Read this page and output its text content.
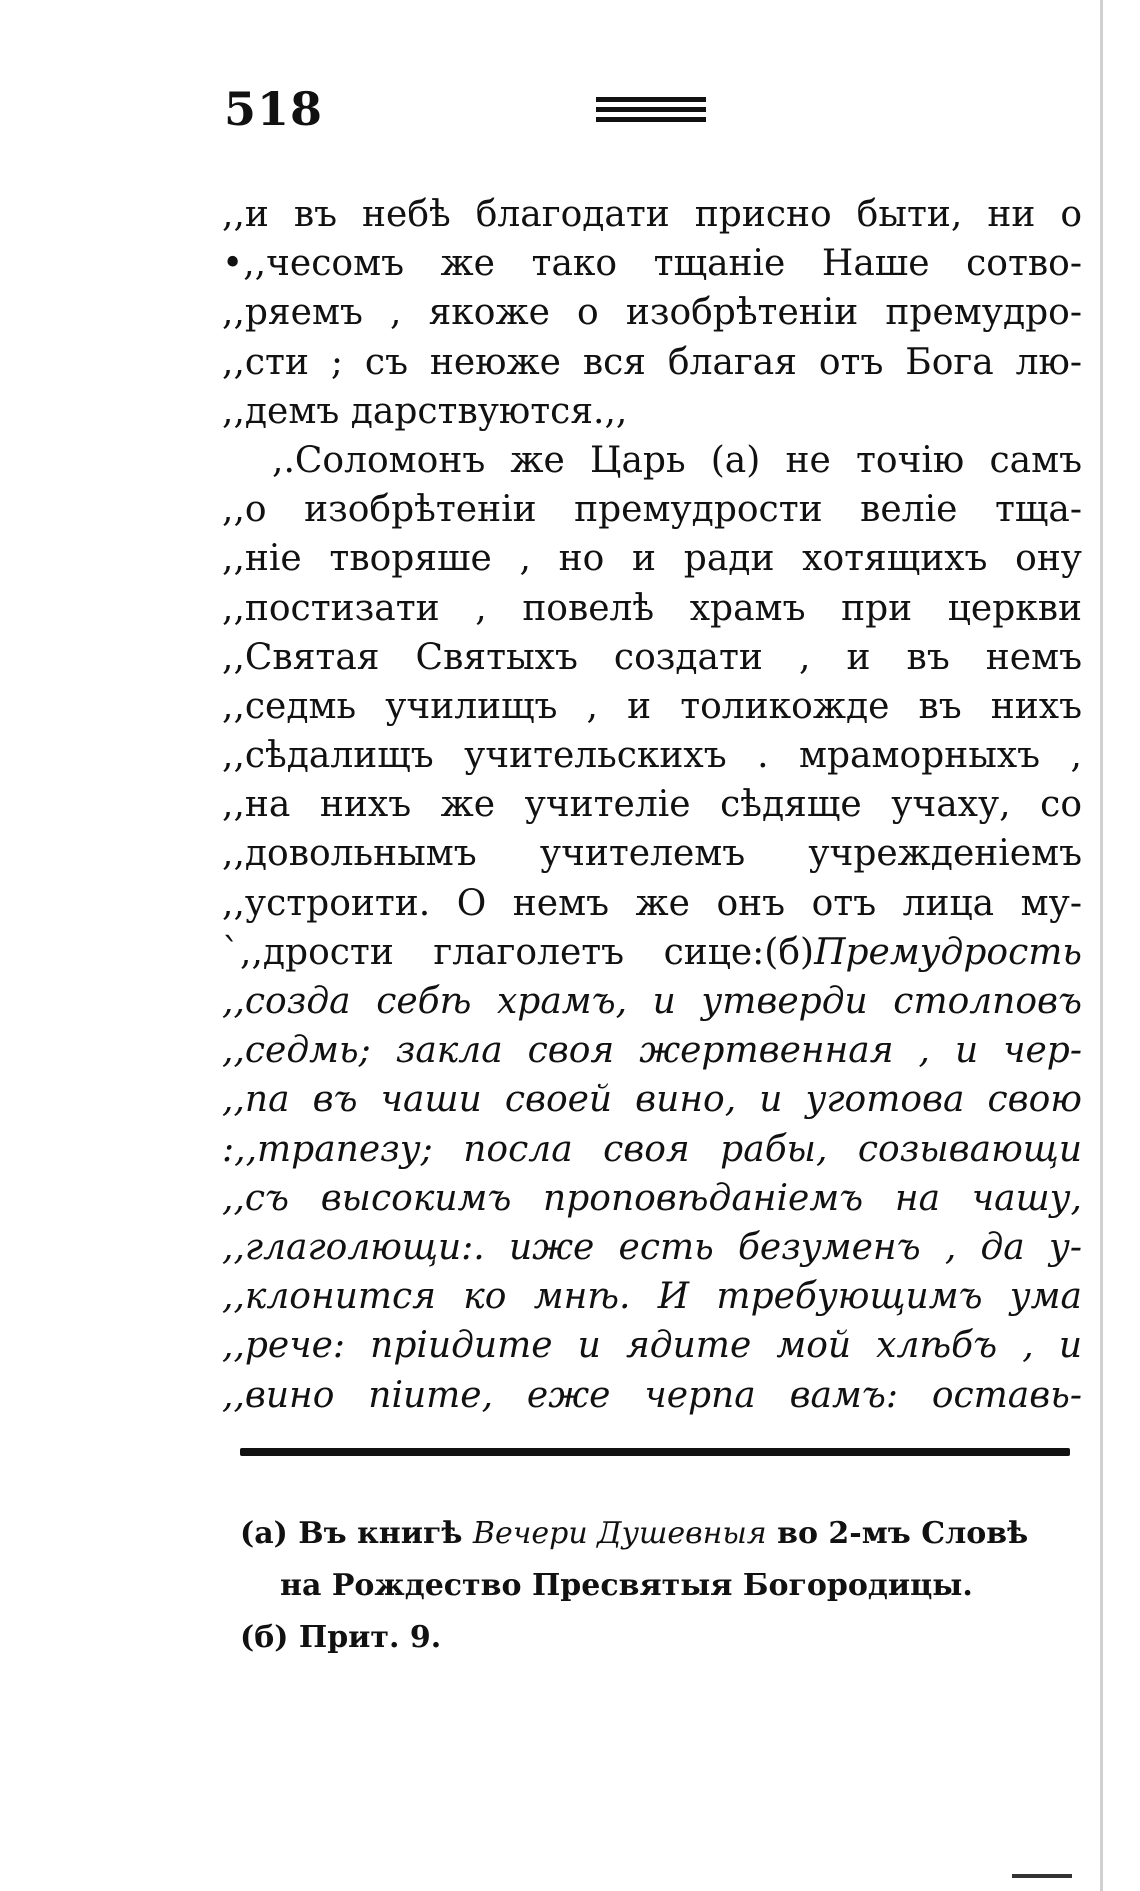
518
,,и въ небѣ благодати присно быти, ни о
•,,чесомъ же тако тщаніе Наше сотво-
,,ряемъ , якоже о изобрѣтеніи премудро-
,,сти ; съ неюже вся благая отъ Бога лю-
,,демъ дарствуются.,,
,.Соломонъ же Царь (а) не точію самъ
,,о изобрѣтеніи премудрости веліе тща-
,,ніе творяше , но и ради хотящихъ ону
,,постизати , повелѣ храмъ при церкви
,,Святая Святыхъ создати , и въ немъ
,,седмь училищъ , и толикожде въ нихъ
,,сѣдалищъ учительскихъ . мраморныхъ ,
,,на нихъ же учителіе сѣдяще учаху, со
,,довольнымъ учителемъ учрежденіемъ
,,устроити. О немъ же онъ отъ лица му-
`,,дрости глаголетъ сице:(б)Премудрость
,,созда себѣ храмъ, и утверди столповъ
,,седмь; закла своя жертвенная , и чер-
,,па въ чаши своей вино, и уготова свою
:,,трапезу; посла своя рабы, созывающи
,,съ высокимъ проповѣданіемъ на чашу,
,,глаголющи:. иже есть безуменъ , да у-
,,клонится ко мнѣ. И требующимъ ума
,,рече: пріидите и ядите мой хлѣбъ , и
,,вино піите, еже черпа вамъ: оставь-
(а) Въ книгѣ Вечери Душевныя во 2-мъ Словѣ
на Рождество Пресвятыя Богородицы.
(б) Прит. 9.
